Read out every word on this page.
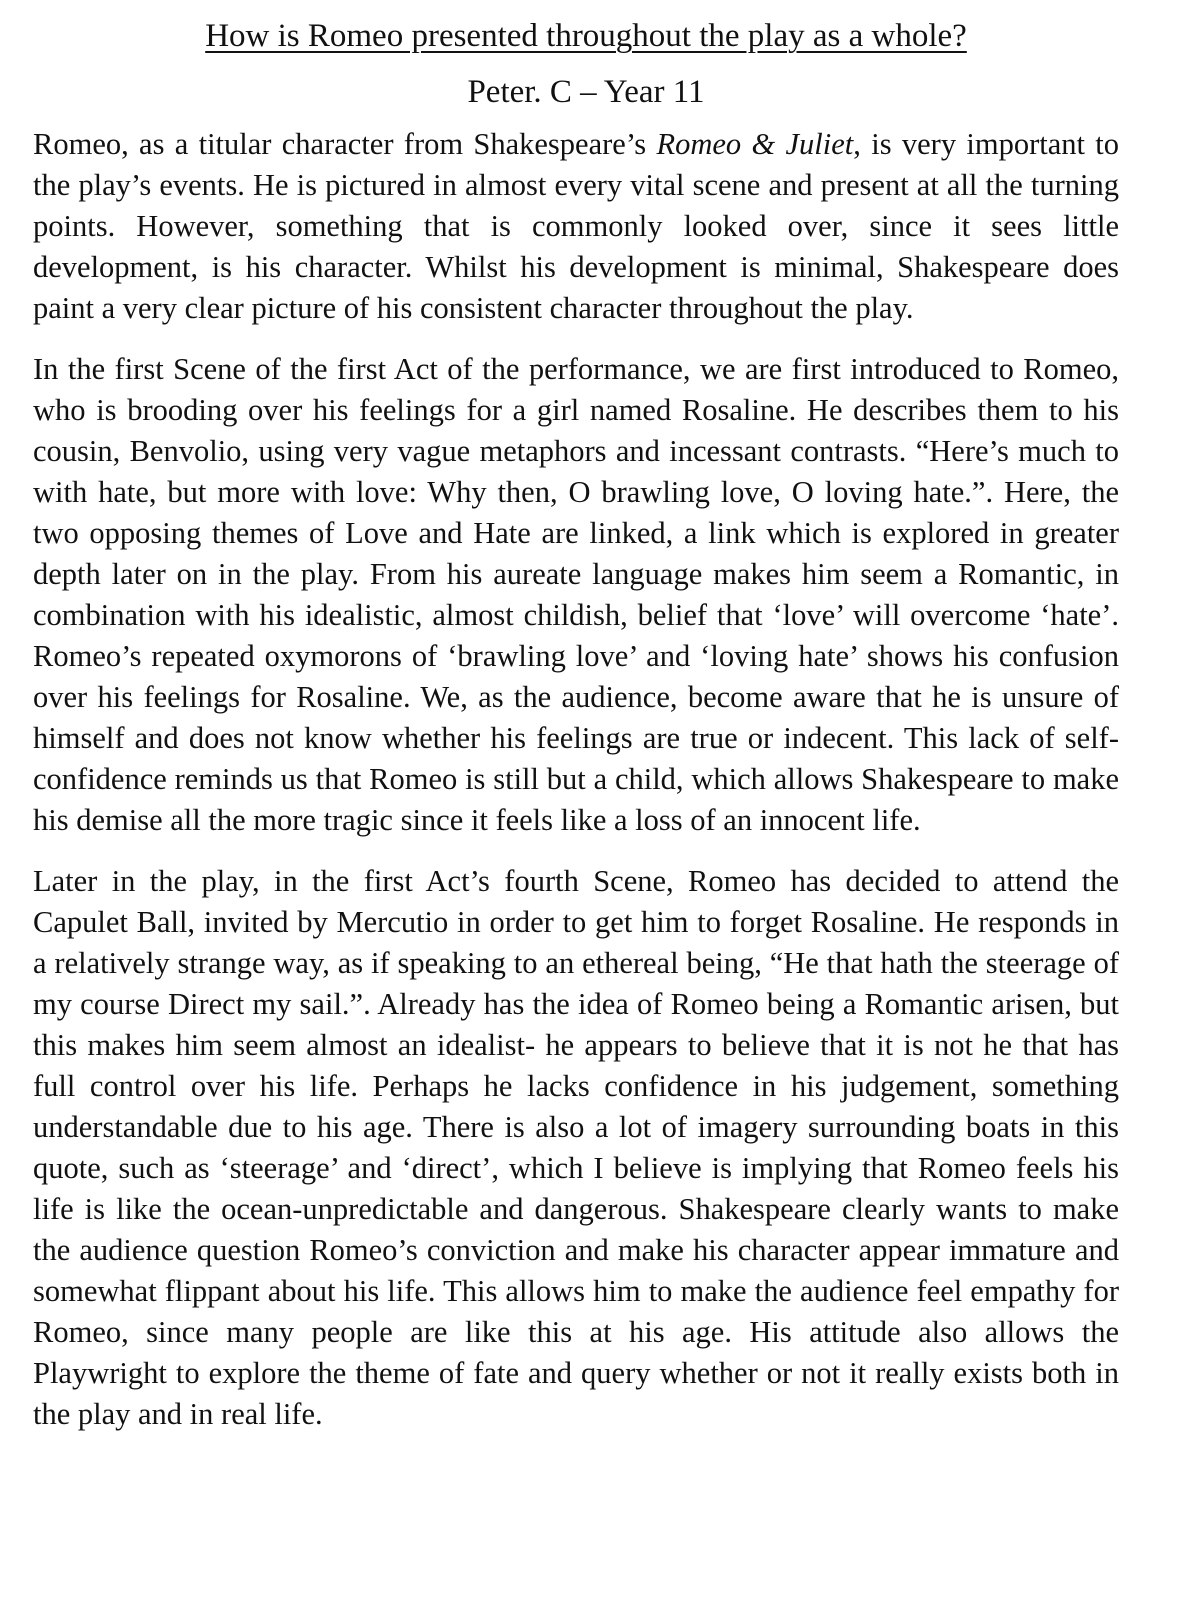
How is Romeo presented throughout the play as a whole?
Peter. C – Year 11

Romeo, as a titular character from Shakespeare’s Romeo & Juliet, is very important to the play’s events. He is pictured in almost every vital scene and present at all the turning points. However, something that is commonly looked over, since it sees little development, is his character. Whilst his development is minimal, Shakespeare does paint a very clear picture of his consistent character throughout the play.

In the first Scene of the first Act of the performance, we are first introduced to Romeo, who is brooding over his feelings for a girl named Rosaline. He describes them to his cousin, Benvolio, using very vague metaphors and incessant contrasts. “Here’s much to with hate, but more with love: Why then, O brawling love, O loving hate.”. Here, the two opposing themes of Love and Hate are linked, a link which is explored in greater depth later on in the play. From his aureate language makes him seem a Romantic, in combination with his idealistic, almost childish, belief that ‘love’ will overcome ‘hate’. Romeo’s repeated oxymorons of ‘brawling love’ and ‘loving hate’ shows his confusion over his feelings for Rosaline. We, as the audience, become aware that he is unsure of himself and does not know whether his feelings are true or indecent. This lack of self-confidence reminds us that Romeo is still but a child, which allows Shakespeare to make his demise all the more tragic since it feels like a loss of an innocent life.

Later in the play, in the first Act’s fourth Scene, Romeo has decided to attend the Capulet Ball, invited by Mercutio in order to get him to forget Rosaline. He responds in a relatively strange way, as if speaking to an ethereal being, “He that hath the steerage of my course Direct my sail.”. Already has the idea of Romeo being a Romantic arisen, but this makes him seem almost an idealist- he appears to believe that it is not he that has full control over his life. Perhaps he lacks confidence in his judgement, something understandable due to his age. There is also a lot of imagery surrounding boats in this quote, such as ‘steerage’ and ‘direct’, which I believe is implying that Romeo feels his life is like the ocean-unpredictable and dangerous. Shakespeare clearly wants to make the audience question Romeo’s conviction and make his character appear immature and somewhat flippant about his life. This allows him to make the audience feel empathy for Romeo, since many people are like this at his age. His attitude also allows the Playwright to explore the theme of fate and query whether or not it really exists both in the play and in real life.
